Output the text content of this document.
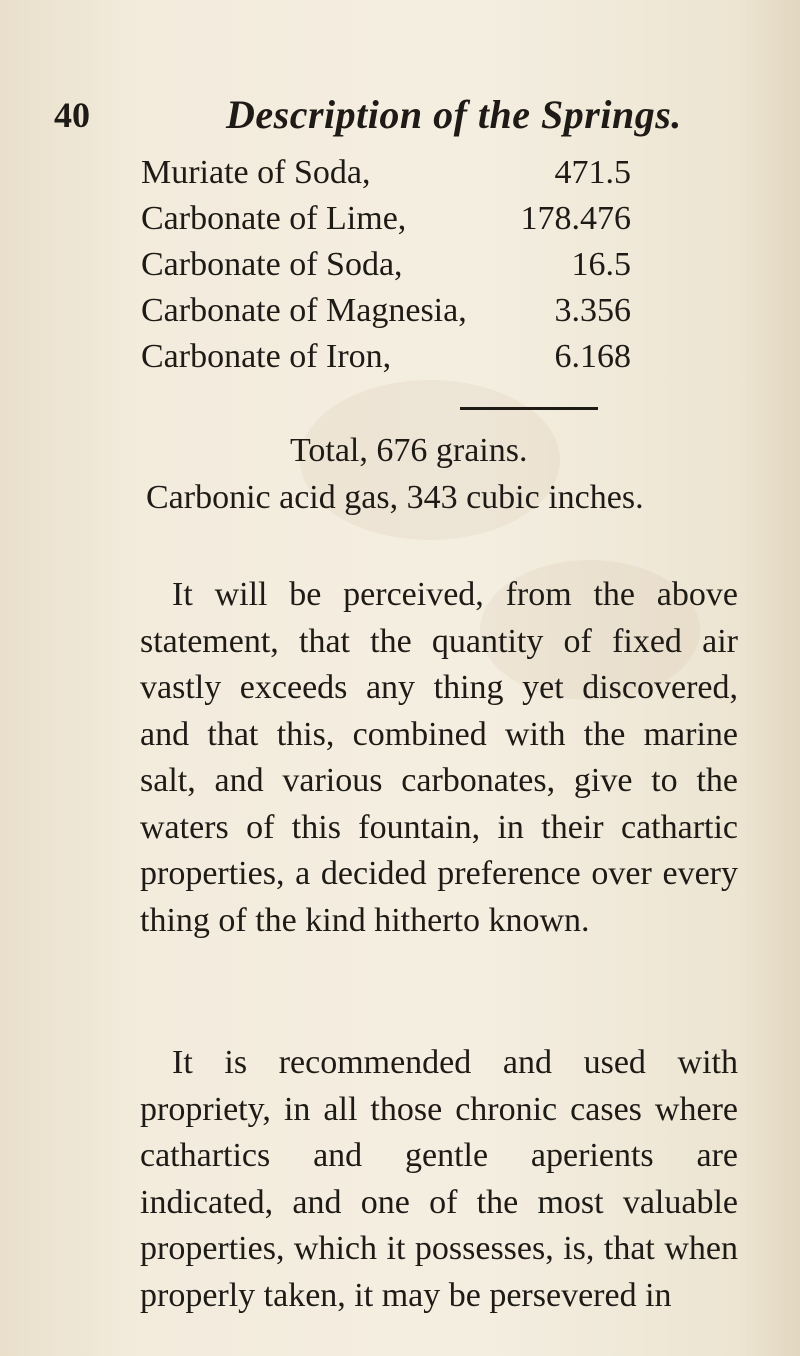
40	Description of the Springs.
Muriate of Soda,	471.5
Carbonate of Lime,	178.476
Carbonate of Soda,	16.5
Carbonate of Magnesia,	3.356
Carbonate of Iron,	6.168
Total, 676 grains.
Carbonic acid gas, 343 cubic inches.

It will be perceived, from the above statement, that the quantity of fixed air vastly exceeds any thing yet discovered, and that this, combined with the marine salt, and various carbonates, give to the waters of this fountain, in their cathartic properties, a decided preference over every thing of the kind hitherto known.

It is recommended and used with propriety, in all those chronic cases where cathartics and gentle aperients are indicated, and one of the most valuable properties, which it possesses, is, that when properly taken, it may be persevered in
